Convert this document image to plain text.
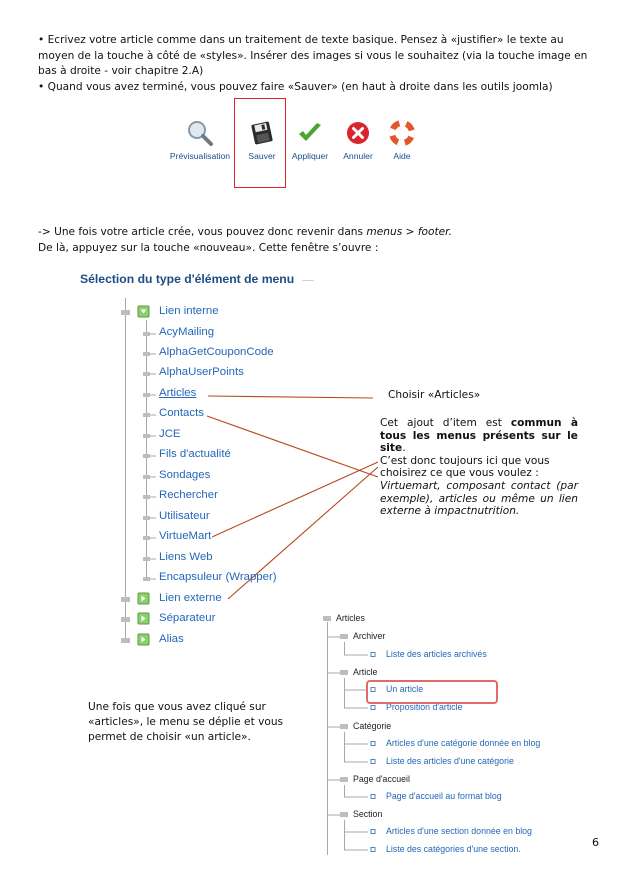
• Ecrivez votre article comme dans un traitement de texte basique. Pensez à «justifier» le texte au moyen de la touche à côté de «styles». Insérer des images si vous le souhaitez (via la touche image en bas à droite - voir chapitre 2.A)

• Quand vous avez terminé, vous pouvez faire «Sauver» (en haut à droite dans les outils joomla)

Prévisualisation	Sauver	Appliquer	Annuler	Aide

-> Une fois votre article crée, vous pouvez donc revenir dans menus > footer.

De là, appuyez sur la touche «nouveau». Cette fenêtre s’ouvre :

Sélection du type d'élément de menu
Lien interne
AcyMailing
AlphaGetCouponCode
AlphaUserPoints
Articles
Contacts
JCE
Fils d'actualité
Sondages
Rechercher
Utilisateur
VirtueMart
Liens Web
Encapsuleur (Wrapper)
Lien externe
Séparateur
Alias
Choisir «Articles»

Cet ajout d’item est commun à tous les menus présents sur le site.

C’est donc toujours ici que vous choisirez ce que vous voulez :

Virtuemart, composant contact (par exemple), articles ou même un lien externe à impactnutrition.

Une fois que vous avez cliqué sur «articles», le menu se déplie et vous permet de choisir «un article».
Articles
Archiver
Liste des articles archivés
Article
Un article
Proposition d'article
Catégorie
Articles d'une catégorie donnée en blog
Liste des articles d'une catégorie
Page d'accueil
Page d'accueil au format blog
Section
Articles d'une section donnée en blog
Liste des catégories d'une section.	6
